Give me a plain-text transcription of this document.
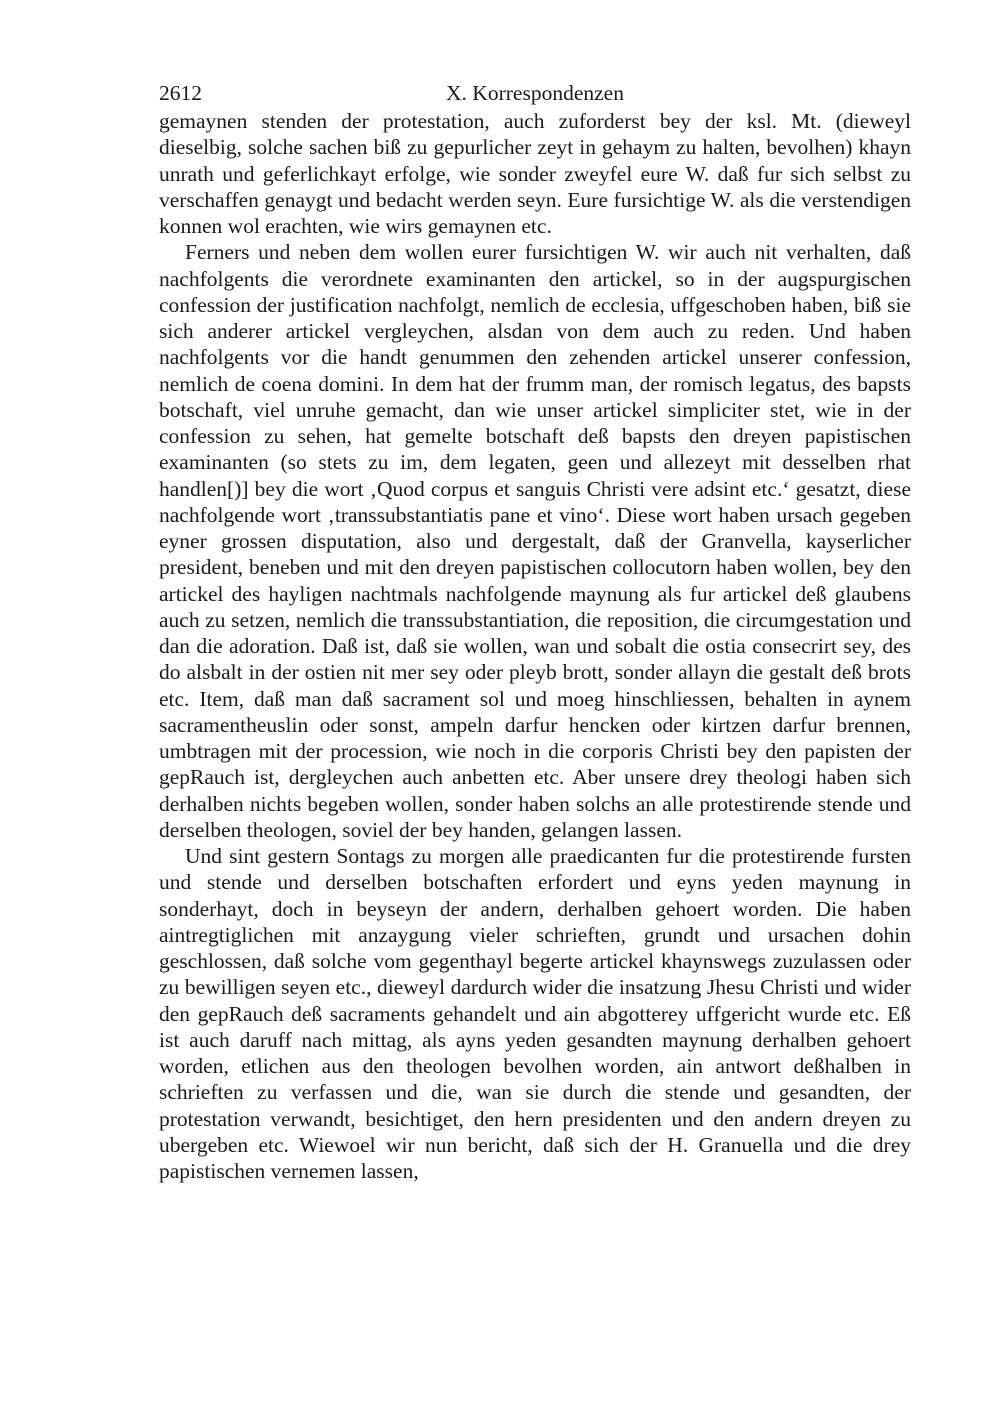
2612	X. Korrespondenzen

gemaynen stenden der protestation, auch zuforderst bey der ksl. Mt. (dieweyl dieselbig, solche sachen biß zu gepurlicher zeyt in gehaym zu halten, bevolhen) khayn unrath und geferlichkayt erfolge, wie sonder zweyfel eure W. daß fur sich selbst zu verschaffen genaygt und bedacht werden seyn. Eure fursichtige W. als die verstendigen konnen wol erachten, wie wirs gemaynen etc.

Ferners und neben dem wollen eurer fursichtigen W. wir auch nit verhalten, daß nachfolgents die verordnete examinanten den artickel, so in der augspurgischen confession der justification nachfolgt, nemlich de ecclesia, uffgeschoben haben, biß sie sich anderer artickel vergleychen, alsdan von dem auch zu reden. Und haben nachfolgents vor die handt genummen den zehenden artickel unserer confession, nemlich de coena domini. In dem hat der frumm man, der romisch legatus, des bapsts botschaft, viel unruhe gemacht, dan wie unser artickel simpliciter stet, wie in der confession zu sehen, hat gemelte botschaft deß bapsts den dreyen papistischen examinanten (so stets zu im, dem legaten, geen und allezeyt mit desselben rhat handlen[)] bey die wort ‚Quod corpus et sanguis Christi vere adsint etc.‘ gesatzt, diese nachfolgende wort ‚transsubstantiatis pane et vino‘. Diese wort haben ursach gegeben eyner grossen disputation, also und dergestalt, daß der Granvella, kayserlicher president, beneben und mit den dreyen papistischen collocutorn haben wollen, bey den artickel des hayligen nachtmals nachfolgende maynung als fur artickel deß glaubens auch zu setzen, nemlich die transsubstantiation, die reposition, die circumgestation und dan die adoration. Daß ist, daß sie wollen, wan und sobalt die ostia consecrirt sey, des do alsbalt in der ostien nit mer sey oder pleyb brott, sonder allayn die gestalt deß brots etc. Item, daß man daß sacrament sol und moeg hinschliessen, behalten in aynem sacramentheuslin oder sonst, ampeln darfur hencken oder kirtzen darfur brennen, umbtragen mit der procession, wie noch in die corporis Christi bey den papisten der gepRauch ist, dergleychen auch anbetten etc. Aber unsere drey theologi haben sich derhalben nichts begeben wollen, sonder haben solchs an alle protestirende stende und derselben theologen, soviel der bey handen, gelangen lassen.

Und sint gestern Sontags zu morgen alle praedicanten fur die protestirende fursten und stende und derselben botschaften erfordert und eyns yeden maynung in sonderhayt, doch in beyseyn der andern, derhalben gehoert worden. Die haben aintregtiglichen mit anzaygung vieler schrieften, grundt und ursachen dohin geschlossen, daß solche vom gegenthayl begerte artickel khaynswegs zuzulassen oder zu bewilligen seyen etc., dieweyl dardurch wider die insatzung Jhesu Christi und wider den gepRauch deß sacraments gehandelt und ain abgotterey uffgericht wurde etc. Eß ist auch daruff nach mittag, als ayns yeden gesandten maynung derhalben gehoert worden, etlichen aus den theologen bevolhen worden, ain antwort deßhalben in schrieften zu verfassen und die, wan sie durch die stende und gesandten, der protestation verwandt, besichtiget, den hern presidenten und den andern dreyen zu ubergeben etc. Wiewoel wir nun bericht, daß sich der H. Granuella und die drey papistischen vernemen lassen,
